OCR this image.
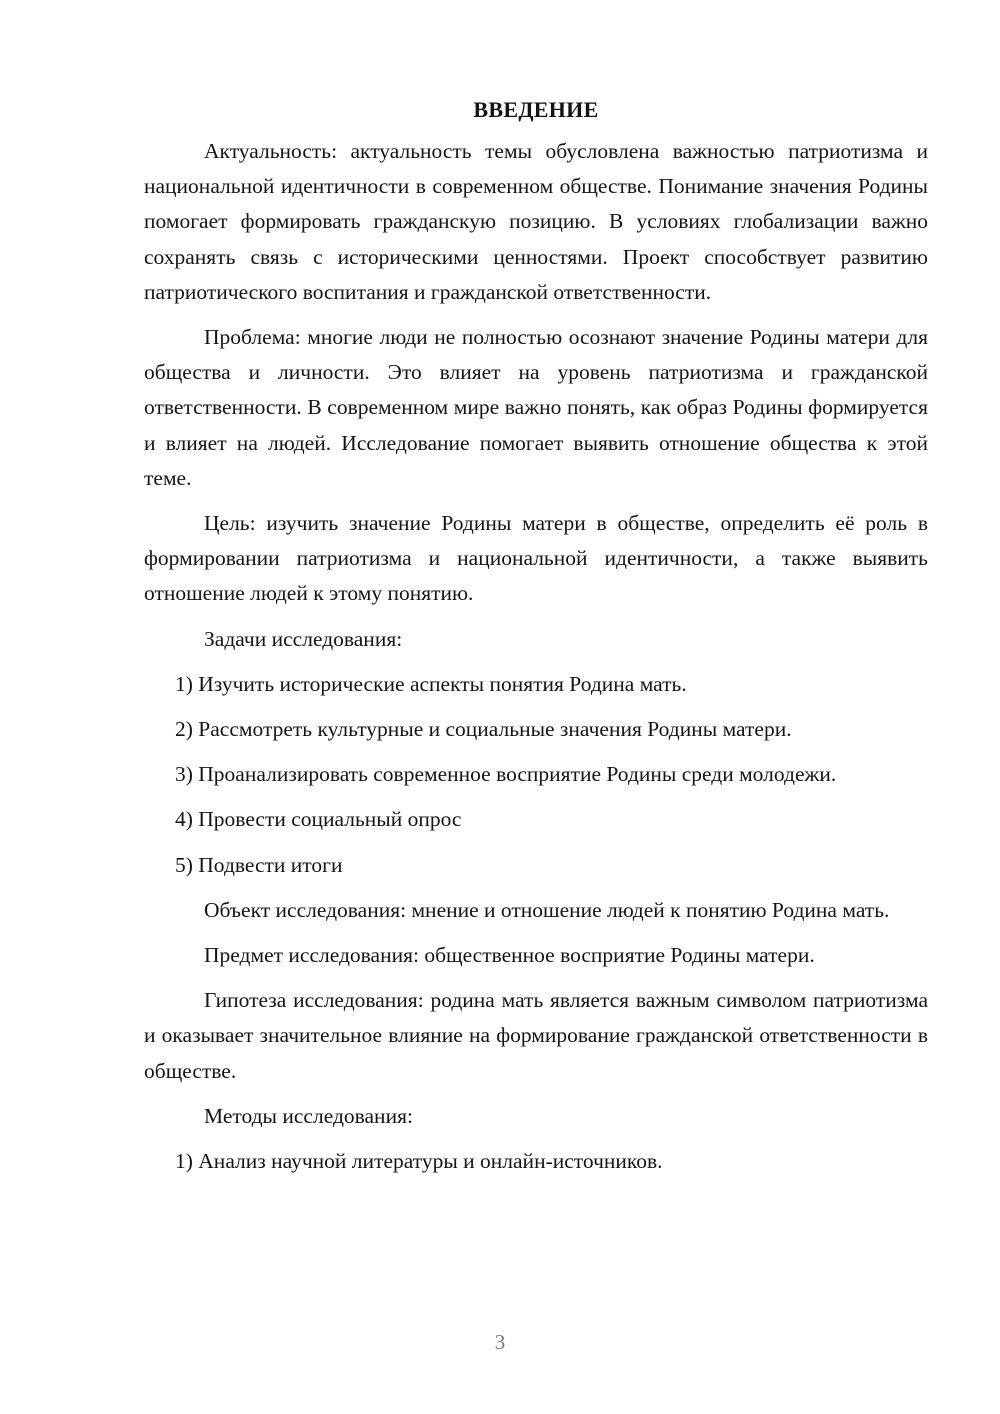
ВВЕДЕНИЕ

Актуальность: актуальность темы обусловлена важностью патриотизма и национальной идентичности в современном обществе. Понимание значения Родины помогает формировать гражданскую позицию. В условиях глобализации важно сохранять связь с историческими ценностями. Проект способствует развитию патриотического воспитания и гражданской ответственности.

Проблема: многие люди не полностью осознают значение Родины матери для общества и личности. Это влияет на уровень патриотизма и гражданской ответственности. В современном мире важно понять, как образ Родины формируется и влияет на людей. Исследование помогает выявить отношение общества к этой теме.

Цель: изучить значение Родины матери в обществе, определить её роль в формировании патриотизма и национальной идентичности, а также выявить отношение людей к этому понятию.

Задачи исследования:

1) Изучить исторические аспекты понятия Родина мать.

2) Рассмотреть культурные и социальные значения Родины матери.

3) Проанализировать современное восприятие Родины среди молодежи.

4) Провести социальный опрос

5) Подвести итоги

Объект исследования: мнение и отношение людей к понятию Родина мать.

Предмет исследования: общественное восприятие Родины матери.

Гипотеза исследования: родина мать является важным символом патриотизма и оказывает значительное влияние на формирование гражданской ответственности в обществе.

Методы исследования:

1) Анализ научной литературы и онлайн-источников.

3
